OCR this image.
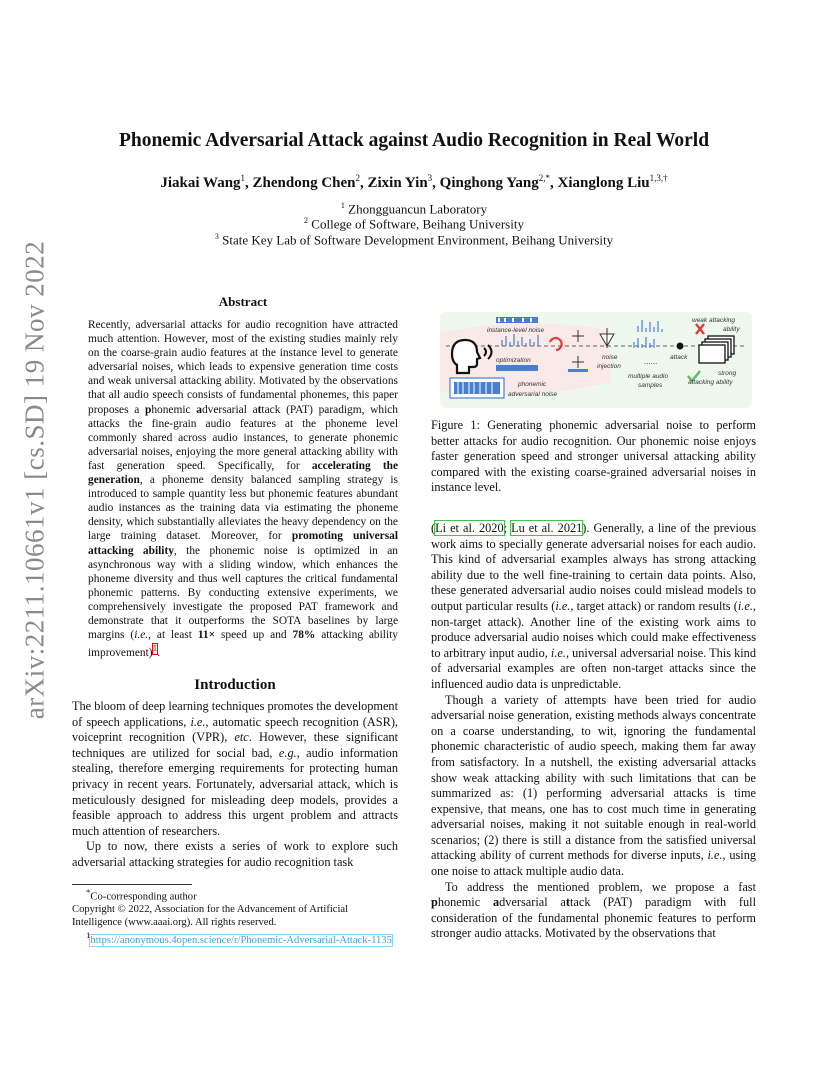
arXiv:2211.10661v1 [cs.SD] 19 Nov 2022
Phonemic Adversarial Attack against Audio Recognition in Real World
Jiakai Wang$^1$, Zhendong Chen$^2$, Zixin Yin$^3$, Qinghong Yang$^{2,*}$, Xianglong Liu$^{1,3,\dagger}$
$^1$ Zhongguancun Laboratory
$^2$ College of Software, Beihang University
$^3$ State Key Lab of Software Development Environment, Beihang University
Abstract
Recently, adversarial attacks for audio recognition have attracted much attention. However, most of the existing studies mainly rely on the coarse-grain audio features at the instance level to generate adversarial noises, which leads to expensive generation time costs and weak universal attacking ability. Motivated by the observations that all audio speech consists of fundamental phonemes, this paper proposes a phonemic adversarial attack (PAT) paradigm, which attacks the fine-grain audio features at the phoneme level commonly shared across audio instances, to generate phonemic adversarial noises, enjoying the more general attacking ability with fast generation speed. Specifically, for accelerating the generation, a phoneme density balanced sampling strategy is introduced to sample quantity less but phonemic features abundant audio instances as the training data via estimating the phoneme density, which substantially alleviates the heavy dependency on the large training dataset. Moreover, for promoting universal attacking ability, the phonemic noise is optimized in an asynchronous way with a sliding window, which enhances the phoneme diversity and thus well captures the critical fundamental phonemic patterns. By conducting extensive experiments, we comprehensively investigate the proposed PAT framework and demonstrate that it outperforms the SOTA baselines by large margins (i.e., at least 11× speed up and 78% attacking ability improvement)$^1$.
Introduction

The bloom of deep learning techniques promotes the development of speech applications, i.e., automatic speech recognition (ASR), voiceprint recognition (VPR), etc. However, these significant techniques are utilized for social bad, e.g., audio information stealing, therefore emerging requirements for protecting human privacy in recent years. Fortunately, adversarial attack, which is meticulously designed for misleading deep models, provides a feasible approach to address this urgent problem and attracts much attention of researchers.

Up to now, there exists a series of work to explore such adversarial attacking strategies for audio recognition task

*Co-corresponding author

Copyright © 2022, Association for the Advancement of Artificial Intelligence (www.aaai.org). All rights reserved.

$^1$https://anonymous.4open.science/r/Phonemic-Adversarial-Attack-1135

instance-level noise
optimization
phonemic
adversarial noise
noise
injection
......
multiple audio
samples
attack
weak attacking
ability
strong
attacking ability
Figure 1: Generating phonemic adversarial noise to perform better attacks for audio recognition. Our phonemic noise enjoys faster generation speed and stronger universal attacking ability compared with the existing coarse-grained adversarial noises in instance level.

(Li et al. 2020; Lu et al. 2021). Generally, a line of the previous work aims to specially generate adversarial noises for each audio. This kind of adversarial examples always has strong attacking ability due to the well fine-training to certain data points. Also, these generated adversarial audio noises could mislead models to output particular results (i.e., target attack) or random results (i.e., non-target attack). Another line of the existing work aims to produce adversarial audio noises which could make effectiveness to arbitrary input audio, i.e., universal adversarial noise. This kind of adversarial examples are often non-target attacks since the influenced audio data is unpredictable.

Though a variety of attempts have been tried for audio adversarial noise generation, existing methods always concentrate on a coarse understanding, to wit, ignoring the fundamental phonemic characteristic of audio speech, making them far away from satisfactory. In a nutshell, the existing adversarial attacks show weak attacking ability with such limitations that can be summarized as: (1) performing adversarial attacks is time expensive, that means, one has to cost much time in generating adversarial noises, making it not suitable enough in real-world scenarios; (2) there is still a distance from the satisfied universal attacking ability of current methods for diverse inputs, i.e., using one noise to attack multiple audio data.

To address the mentioned problem, we propose a fast phonemic adversarial attack (PAT) paradigm with full consideration of the fundamental phonemic features to perform stronger audio attacks. Motivated by the observations that
